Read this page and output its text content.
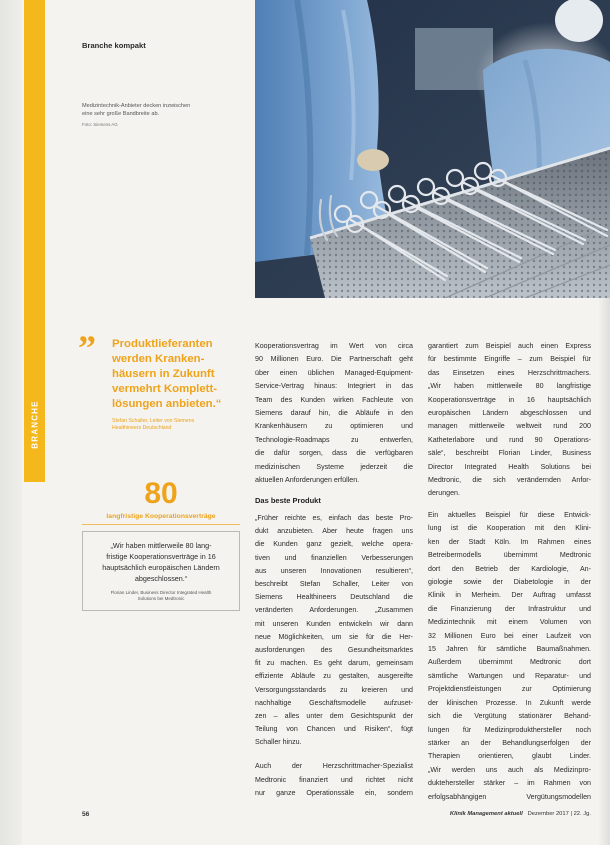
BRANCHE
Branche kompakt
Medizintechnik-Anbieter decken inzwischen
eine sehr große Bandbreite ab.
Foto: Siemens AG
” Produktlieferanten
werden Kranken-
häusern in Zukunft
vermehrt Komplett-
lösungen anbieten.“
Stefan Schaller, Leiter von Siemens
Healthineers Deutschland
80
langfristige Kooperationsverträge
„Wir haben mittlerweile 80 lang-
fristige Kooperationsverträge in 16
hauptsächlich europäischen Ländern
abgeschlossen.“
Florian Linder, Business Director Integrated Health
Solutions bei Medtronic
Kooperationsvertrag im Wert von circa
90 Millionen Euro. Die Partnerschaft geht
über einen üblichen Managed-Equipment-
Service-Vertrag hinaus: Integriert in das
Team des Kunden wirken Fachleute von
Siemens darauf hin, die Abläufe in den
Krankenhäusern zu optimieren und
Technologie-Roadmaps zu entwerfen,
die dafür sorgen, dass die verfügbaren
medizinischen Systeme jederzeit die
aktuellen Anforderungen erfüllen.
Das beste Produkt
„Früher reichte es, einfach das beste Pro-
dukt anzubieten. Aber heute fragen uns
die Kunden ganz gezielt, welche opera-
tiven und finanziellen Verbesserungen
aus unseren Innovationen resultieren“,
beschreibt Stefan Schaller, Leiter von
Siemens Healthineers Deutschland die
veränderten Anforderungen. „Zusammen
mit unseren Kunden entwickeln wir dann
neue Möglichkeiten, um sie für die Her-
ausforderungen des Gesundheitsmarktes
fit zu machen. Es geht darum, gemeinsam
effiziente Abläufe zu gestalten, ausgereifte
Versorgungsstandards zu kreieren und
nachhaltige Geschäftsmodelle aufzuset-
zen – alles unter dem Gesichtspunkt der
Teilung von Chancen und Risiken“, fügt
Schaller hinzu.
Auch der Herzschrittmacher-Spezialist
Medtronic finanziert und richtet nicht
nur ganze Operationssäle ein, sondern
garantiert zum Beispiel auch einen Express
für bestimmte Eingriffe – zum Beispiel für
das Einsetzen eines Herzschrittmachers.
„Wir haben mittlerweile 80 langfristige
Kooperationsverträge in 16 hauptsächlich
europäischen Ländern abgeschlossen und
managen mittlerweile weltweit rund 200
Katheterlabore und rund 90 Operations-
säle“, beschreibt Florian Linder, Business
Director Integrated Health Solutions bei
Medtronic, die sich verändernden Anfor-
derungen.
Ein aktuelles Beispiel für diese Entwick-
lung ist die Kooperation mit den Klini-
ken der Stadt Köln. Im Rahmen eines
Betreibermodells übernimmt Medtronic
dort den Betrieb der Kardiologie, An-
giologie sowie der Diabetologie in der
Klinik in Merheim. Der Auftrag umfasst
die Finanzierung der Infrastruktur und
Medizintechnik mit einem Volumen von
32 Millionen Euro bei einer Laufzeit von
15 Jahren für sämtliche Baumaßnahmen.
Außerdem übernimmt Medtronic dort
sämtliche Wartungen und Reparatur- und
Projektdienstleistungen zur Optimierung
der klinischen Prozesse. In Zukunft werde
sich die Vergütung stationärer Behand-
lungen für Medizinprodukthersteller noch
stärker an der Behandlungserfolgen der
Therapien orientieren, glaubt Linder.
„Wir werden uns auch als Medizinpro-
duktehersteller stärker – im Rahmen von
erfolgsabhängigen Vergütungsmodellen
56	Klinik Management aktuell Dezember 2017 | 22. Jg.
